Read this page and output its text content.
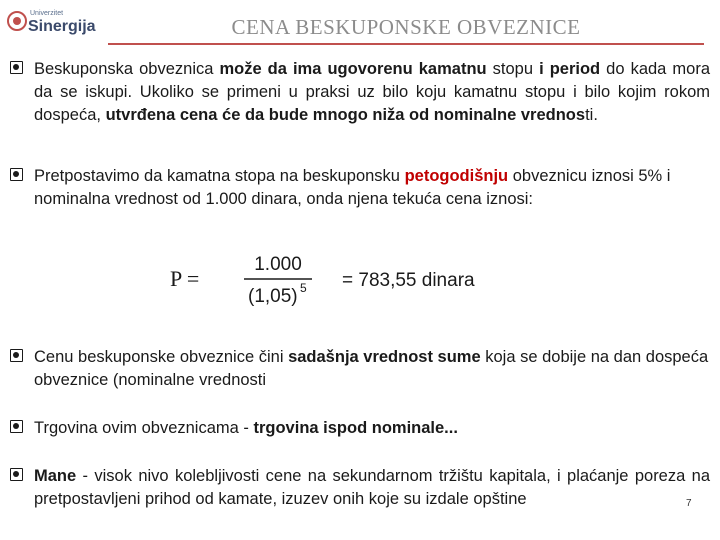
Univerzitet
Sinergija	CENA BESKUPONSKE OBVEZNICE
Beskuponska obveznica može da ima ugovorenu kamatnu stopu i period do kada mora da se iskupi. Ukoliko se primeni u praksi uz bilo koju kamatnu stopu i bilo kojim rokom dospeća, utvrđena cena će da bude mnogo niža od nominalne vrednosti.
Pretpostavimo da kamatna stopa na beskuponsku petogodišnju obveznicu iznosi 5% i nominalna vrednost od 1.000 dinara, onda njena tekuća cena iznosi:
P =
1.000
(1,05) 5 = 783,55 dinara
Cenu beskuponske obveznice čini sadašnja vrednost sume koja se dobije na dan dospeća obveznice (nominalne vrednosti
Trgovina ovim obveznicama - trgovina ispod nominale...
Mane - visok nivo kolebljivosti cene na sekundarnom tržištu kapitala, i plaćanje poreza na pretpostavljeni prihod od kamate, izuzev onih koje su izdale opštine	7
